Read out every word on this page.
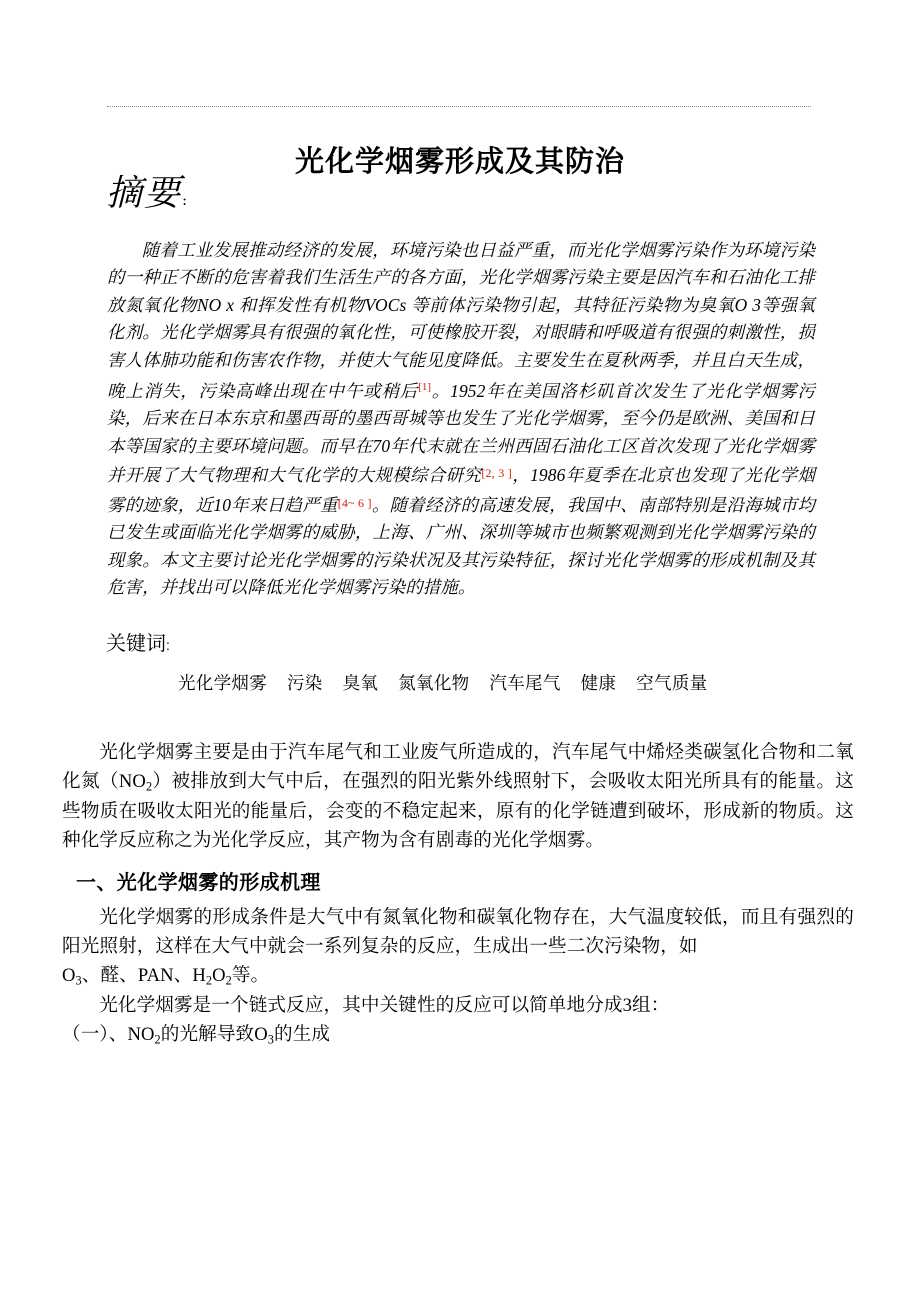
光化学烟雾形成及其防治
摘要:
随着工业发展推动经济的发展，环境污染也日益严重，而光化学烟雾污染作为环境污染的一种正不断的危害着我们生活生产的各方面，光化学烟雾污染主要是因汽车和石油化工排放氮氧化物NO x 和挥发性有机物VOCs 等前体污染物引起，其特征污染物为臭氧O 3等强氧化剂。光化学烟雾具有很强的氧化性，可使橡胶开裂，对眼睛和呼吸道有很强的刺激性，损害人体肺功能和伤害农作物，并使大气能见度降低。主要发生在夏秋两季，并且白天生成，晚上消失，污染高峰出现在中午或稍后[1]。1952年在美国洛杉矶首次发生了光化学烟雾污染，后来在日本东京和墨西哥的墨西哥城等也发生了光化学烟雾，至今仍是欧洲、美国和日本等国家的主要环境问题。而早在70年代末就在兰州西固石油化工区首次发现了光化学烟雾并开展了大气物理和大气化学的大规模综合研究[2, 3 ]，1986年夏季在北京也发现了光化学烟雾的迹象，近10年来日趋严重[4~ 6 ]。随着经济的高速发展，我国中、南部特别是沿海城市均已发生或面临光化学烟雾的威胁，上海、广州、深圳等城市也频繁观测到光化学烟雾污染的现象。本文主要讨论光化学烟雾的污染状况及其污染特征，探讨光化学烟雾的形成机制及其危害，并找出可以降低光化学烟雾污染的措施。
关键词:
光化学烟雾 污染 臭氧 氮氧化物 汽车尾气 健康 空气质量

光化学烟雾主要是由于汽车尾气和工业废气所造成的，汽车尾气中烯烃类碳氢化合物和二氧化氮$(NO_2)$被排放到大气中后，在强烈的阳光紫外线照射下，会吸收太阳光所具有的能量。这些物质在吸收太阳光的能量后，会变的不稳定起来，原有的化学链遭到破坏，形成新的物质。这种化学反应称之为光化学反应，其产物为含有剧毒的光化学烟雾。

一、光化学烟雾的形成机理

光化学烟雾的形成条件是大气中有氮氧化物和碳氧化物存在，大气温度较低，而且有强烈的阳光照射，这样在大气中就会一系列复杂的反应，生成出一些二次污染物，如

$O_3$、醛、PAN、$H_2O_2$等。

光化学烟雾是一个链式反应，其中关键性的反应可以简单地分成3组：

（一）、$NO_2$的光解导致$O_3$的生成
